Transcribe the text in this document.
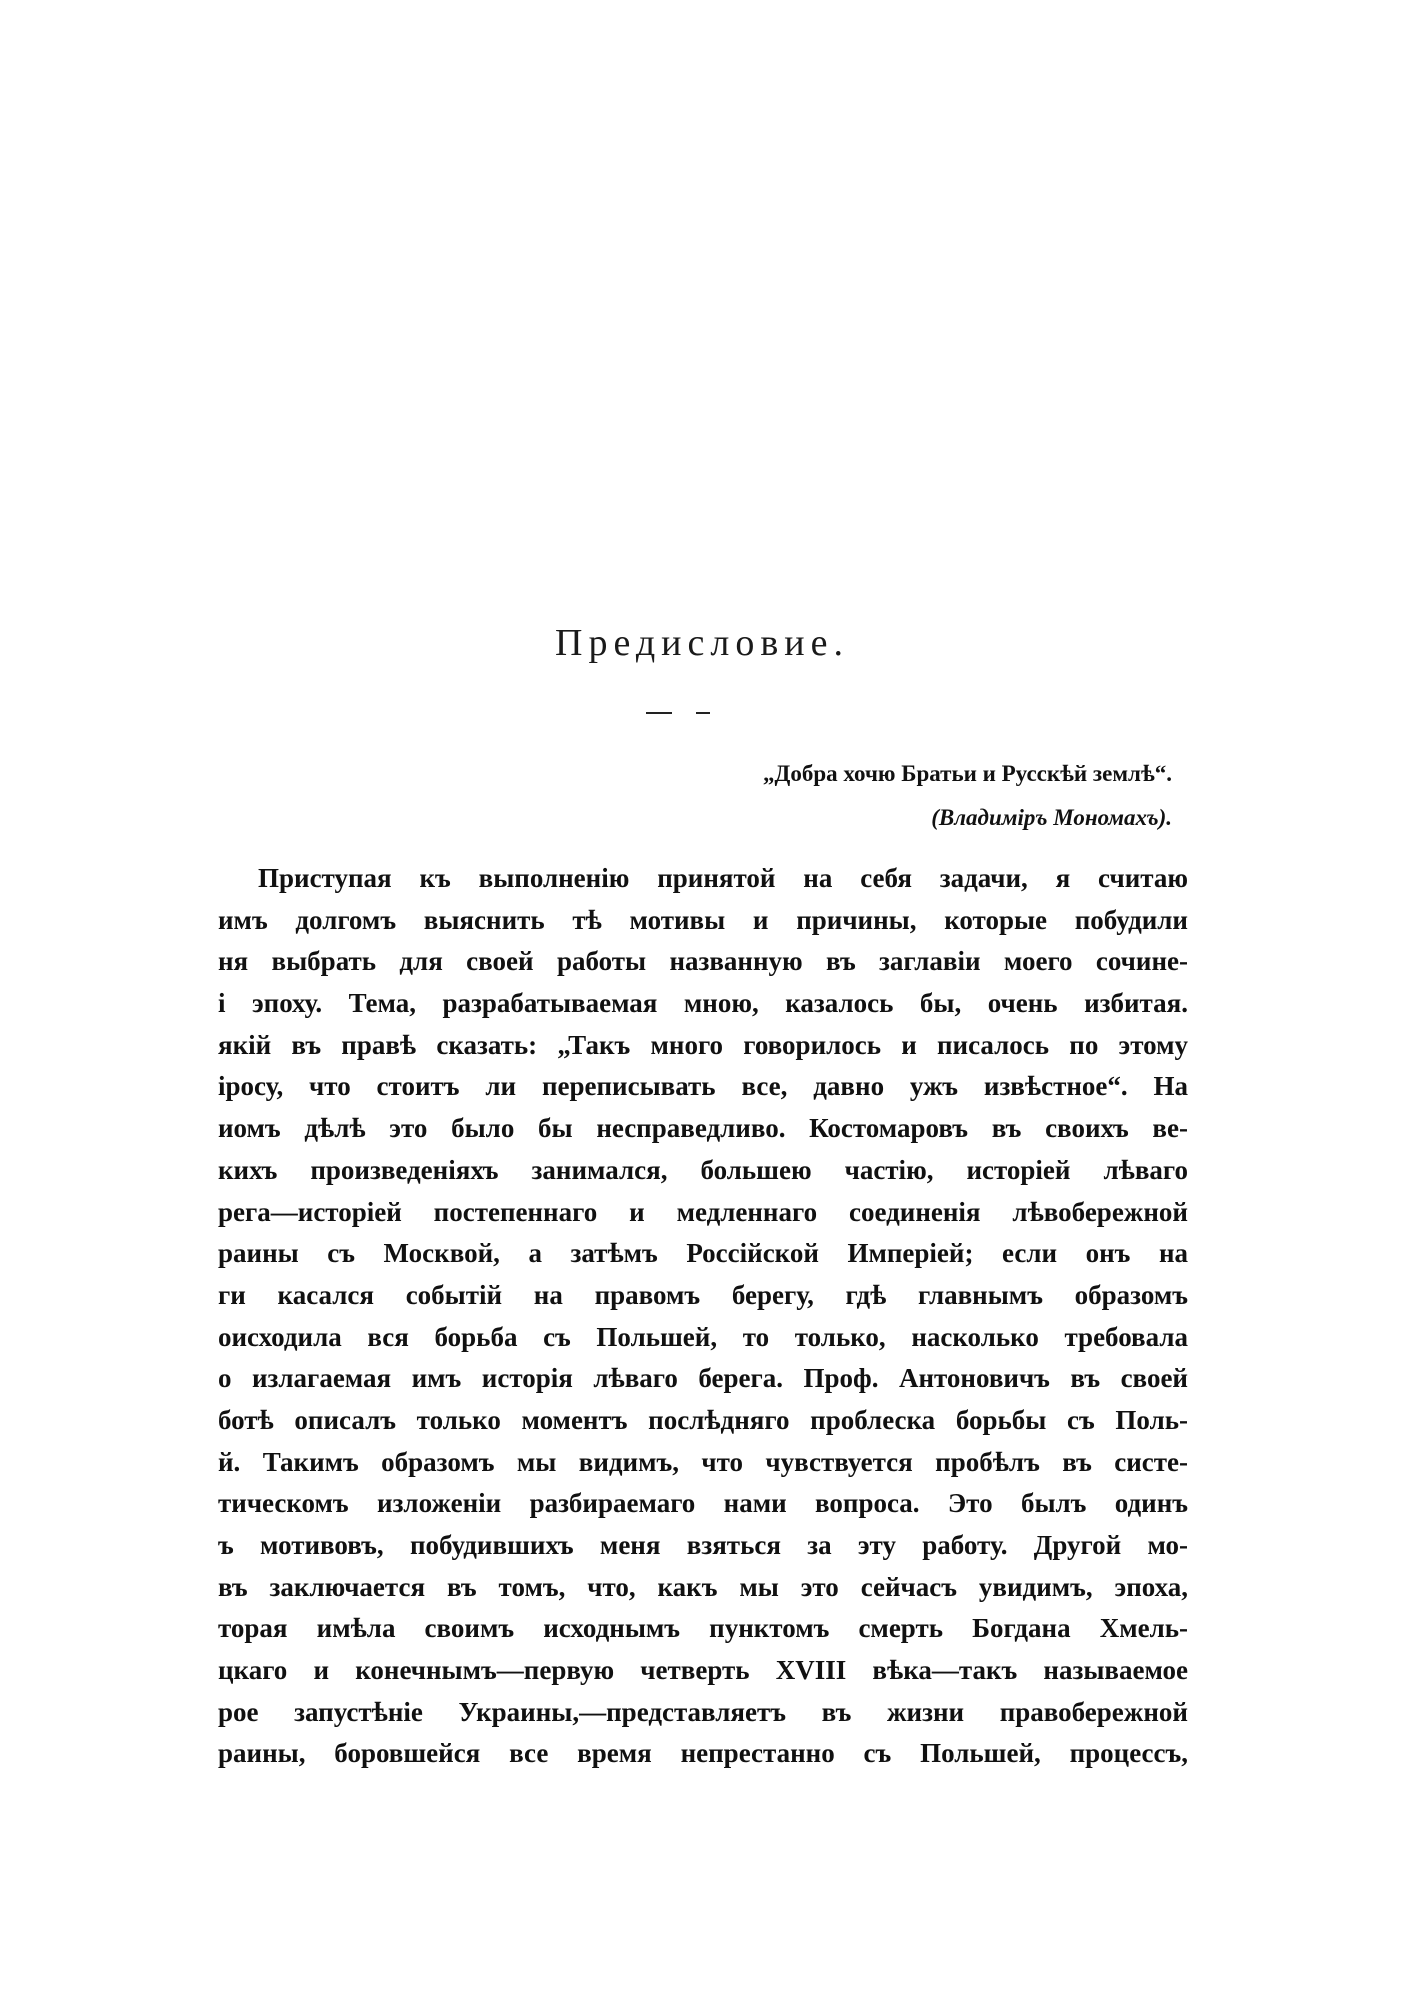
Предисловие.
„Добра хочю Братьи и Русскѣй землѣ“.
(Владиміръ Мономахъ).
Приступая къ выполненію принятой на себя задачи, я считаю
имъ долгомъ выяснить тѣ мотивы и причины, которые побудили
ня выбрать для своей работы названную въ заглавіи моего сочине-
і эпоху. Тема, разрабатываемая мною, казалось бы, очень избитая.
якій въ правѣ сказать: „Такъ много говорилось и писалось по этому
іросу, что стоитъ ли переписывать все, давно ужъ извѣстное“. На
иомъ дѣлѣ это было бы несправедливо. Костомаровъ въ своихъ ве-
кихъ произведеніяхъ занимался, большею частію, исторіей лѣваго
рега—исторіей постепеннаго и медленнаго соединенія лѣвобережной
раины съ Москвой, а затѣмъ Россійской Имперіей; если онъ на
ги касался событій на правомъ берегу, гдѣ главнымъ образомъ
оисходила вся борьба съ Польшей, то только, насколько требовала
о излагаемая имъ исторія лѣваго берега. Проф. Антоновичъ въ своей
ботѣ описалъ только моментъ послѣдняго проблеска борьбы съ Поль-
й. Такимъ образомъ мы видимъ, что чувствуется пробѣлъ въ систе-
тическомъ изложеніи разбираемаго нами вопроса. Это былъ одинъ
ъ мотивовъ, побудившихъ меня взяться за эту работу. Другой мо-
въ заключается въ томъ, что, какъ мы это сейчасъ увидимъ, эпоха,
торая имѣла своимъ исходнымъ пунктомъ смерть Богдана Хмель-
цкаго и конечнымъ—первую четверть XVIII вѣка—такъ называемое
рое запустѣніе Украины,—представляетъ въ жизни правобережной
раины, боровшейся все время непрестанно съ Польшей, процессъ,
